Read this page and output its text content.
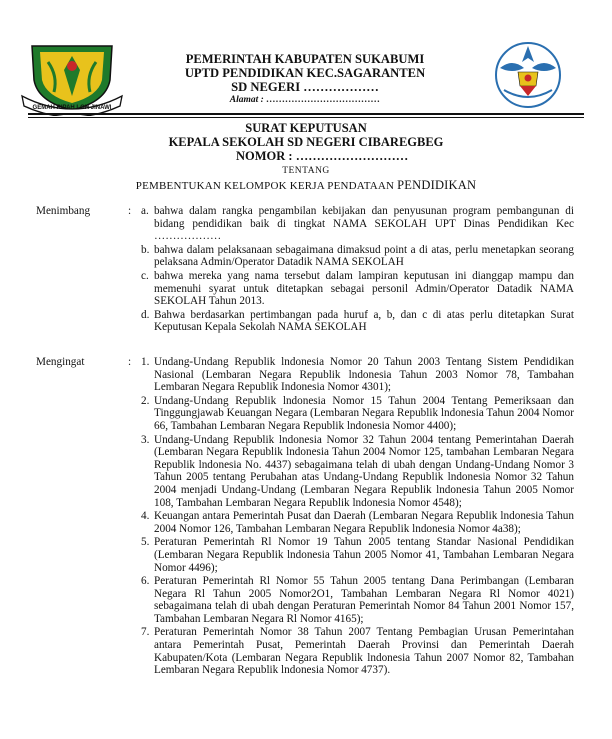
GEMAH RIPAH LOH JINAWI
PEMERINTAH KABUPATEN SUKABUMI
UPTD PENDIDIKAN KEC.SAGARANTEN
SD NEGERI ………………
Alamat : ………………………………
SURAT KEPUTUSAN
KEPALA SEKOLAH SD NEGERI CIBAREGBEG
NOMOR : ………………………
TENTANG
PEMBENTUKAN KELOMPOK KERJA PENDATAAN PENDIDIKAN
Menimbang	: a. bahwa dalam rangka pengambilan kebijakan dan penyusunan program pembangunan di bidang pendidikan baik di tingkat NAMA SEKOLAH UPT Dinas Pendidikan Kec ………………
b. bahwa dalam pelaksanaan sebagaimana dimaksud point a di atas, perlu menetapkan seorang pelaksana Admin/Operator Datadik NAMA SEKOLAH
c. bahwa mereka yang nama tersebut dalam lampiran keputusan ini dianggap mampu dan memenuhi syarat untuk ditetapkan sebagai personil Admin/Operator Datadik NAMA SEKOLAH Tahun 2013.
d. Bahwa berdasarkan pertimbangan pada huruf a, b, dan c di atas perlu ditetapkan Surat Keputusan Kepala Sekolah NAMA SEKOLAH
Mengingat	: 1. Undang-Undang Republik lndonesia Nomor 20 Tahun 2003 Tentang Sistem Pendidikan Nasional (Lembaran Negara Republik lndonesia Tahun 2003 Nomor 78, Tambahan Lembaran Negara Republik Indonesia Nomor 4301);
2. Undang-Undang Republik lndonesia Nomor 15 Tahun 2004 Tentang Pemeriksaan dan Tinggungjawab Keuangan Negara (Lembaran Negara Republik lndonesia Tahun 2004 Nomor 66, Tambahan Lembaran Negara Republik lndonesia Nomor 4400);
3. Undang-Undang Republik lndonesia Nomor 32 Tahun 2004 tentang Pemerintahan Daerah (Lembaran Negara Republik lndonesia Tahun 2004 Nomor 125, tambahan Lembaran Negara Republik lndonesia No. 4437) sebagaimana telah di ubah dengan Undang-Undang Nomor 3 Tahun 2005 tentang Perubahan atas Undang-Undang Republik lndonesia Nomor 32 Tahun 2004 menjadi Undang-Undang (Lembaran Negara Republik lndonesia Tahun 2005 Nomor 108, Tambahan Lembaran Negara Republik lndonesia Nomor 4548);
4. Keuangan antara Pemerintah Pusat dan Daerah (Lembaran Negara Republik lndonesia Tahun 2004 Nomor 126, Tambahan Lembaran Negara Republik lndonesia Nomor 4a38);
5. Peraturan Pemerintah Rl Nomor 19 Tahun 2005 tentang Standar Nasional Pendidikan (Lembaran Negara Republik lndonesia Tahun 2005 Nomor 41, Tambahan Lembaran Negara Nomor 4496);
6. Peraturan Pemerintah Rl Nomor 55 Tahun 2005 tentang Dana Perimbangan (Lembaran Negara Rl Tahun 2005 Nomor2O1, Tambahan Lembaran Negara Rl Nomor 4021) sebagaimana telah di ubah dengan Peraturan Pemerintah Nomor 84 Tahun 2001 Nomor 157, Tambahan Lembaran Negara Rl Nomor 4165);
7. Peraturan Pemerintah Nomor 38 Tahun 2007 Tentang Pembagian Urusan Pemerintahan antara Pemerintah Pusat, Pemerintah Daerah Provinsi dan Pemerintah Daerah Kabupaten/Kota (Lembaran Negara Republik lndonesia Tahun 2007 Nomor 82, Tambahan Lembaran Negara Republik lndonesia Nomor 4737).
